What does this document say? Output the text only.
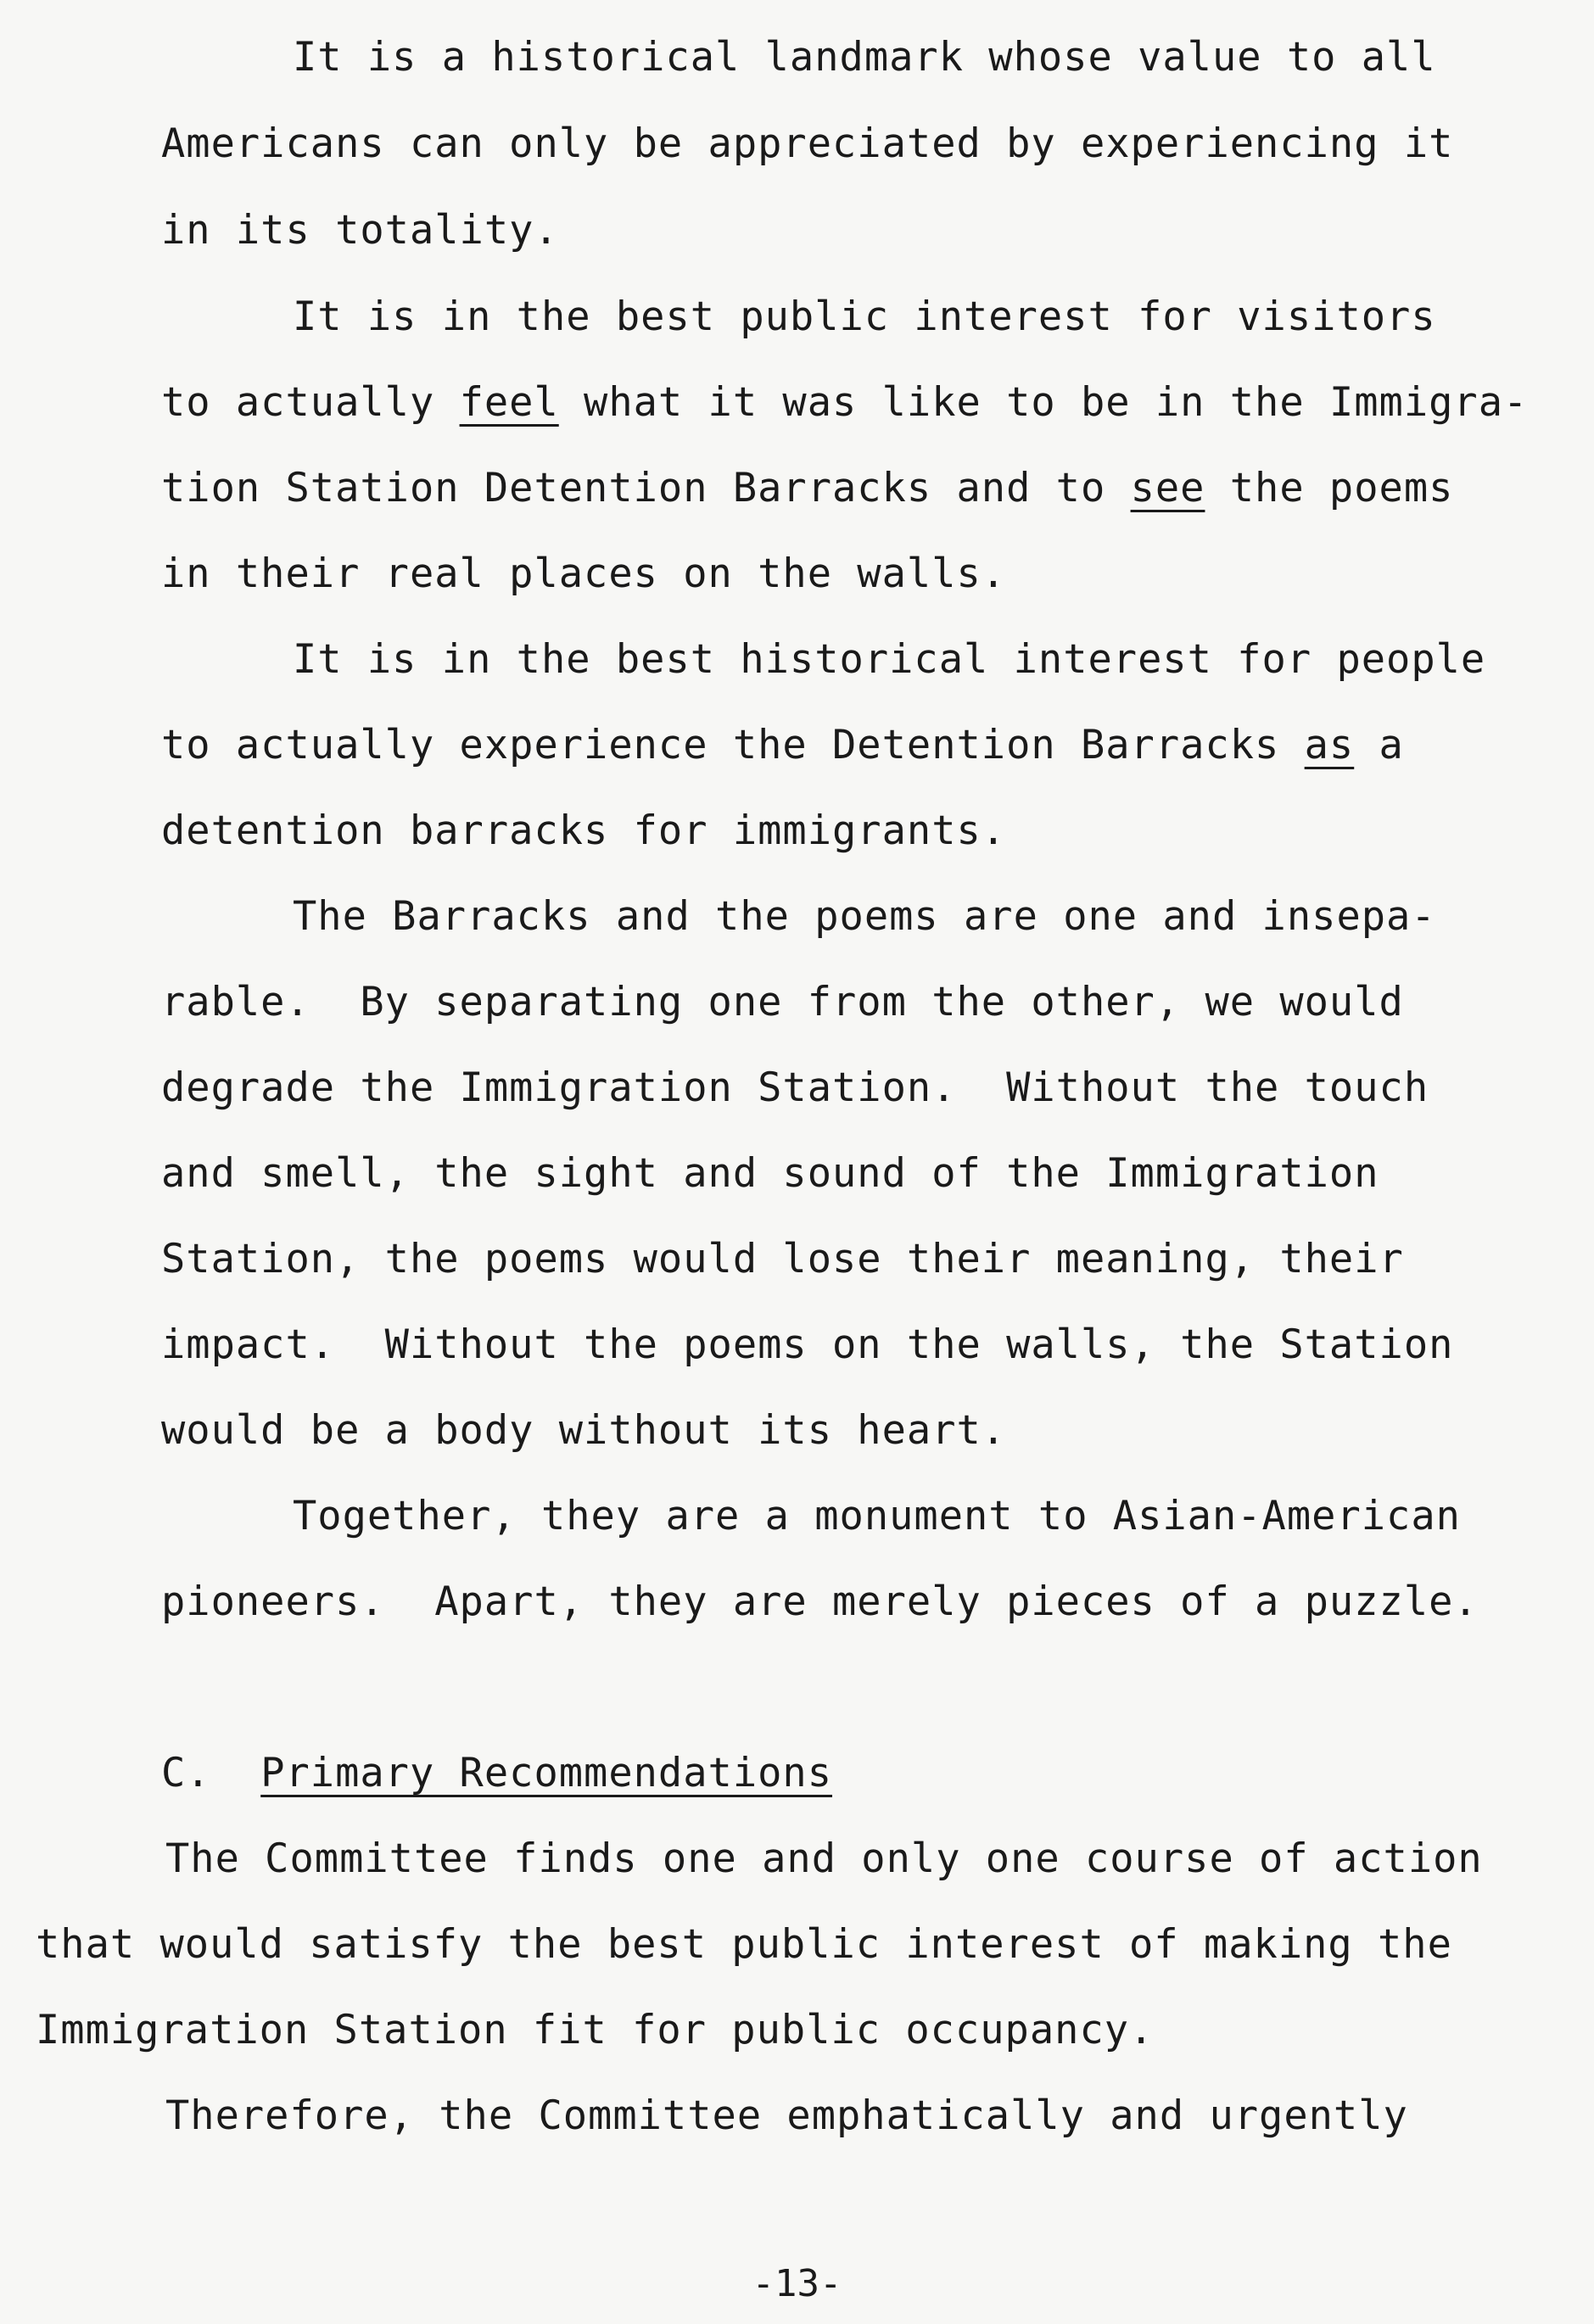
It is a historical landmark whose value to all
Americans can only be appreciated by experiencing it
in its totality.
It is in the best public interest for visitors
to actually feel what it was like to be in the Immigra-
tion Station Detention Barracks and to see the poems
in their real places on the walls.
It is in the best historical interest for people
to actually experience the Detention Barracks as a
detention barracks for immigrants.
The Barracks and the poems are one and insepa-
rable.  By separating one from the other, we would
degrade the Immigration Station.  Without the touch
and smell, the sight and sound of the Immigration
Station, the poems would lose their meaning, their
impact.  Without the poems on the walls, the Station
would be a body without its heart.
Together, they are a monument to Asian-American
pioneers.  Apart, they are merely pieces of a puzzle.
C. Primary Recommendations
The Committee finds one and only one course of action
that would satisfy the best public interest of making the
Immigration Station fit for public occupancy.
Therefore, the Committee emphatically and urgently
-13-
